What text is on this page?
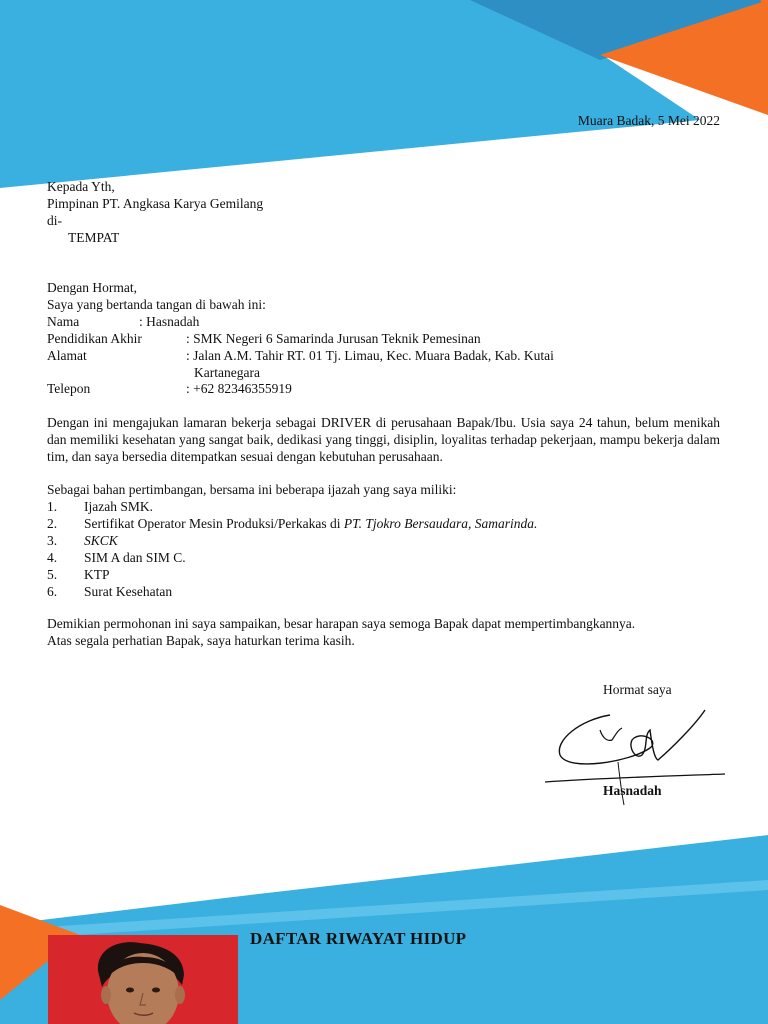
Muara Badak, 5 Mei 2022
Kepada Yth,
Pimpinan PT. Angkasa Karya Gemilang
di-
TEMPAT
Dengan Hormat,
Saya yang bertanda tangan di bawah ini:
Nama	: Hasnadah
Pendidikan Akhir	: SMK Negeri 6 Samarinda Jurusan Teknik Pemesinan
Alamat	: Jalan A.M. Tahir RT. 01 Tj. Limau, Kec. Muara Badak, Kab. Kutai
Kartanegara
Telepon	: +62 82346355919
Dengan ini mengajukan lamaran bekerja sebagai DRIVER di perusahaan Bapak/Ibu. Usia saya 24 tahun, belum menikah dan memiliki kesehatan yang sangat baik, dedikasi yang tinggi, disiplin, loyalitas terhadap pekerjaan, mampu bekerja dalam tim, dan saya bersedia ditempatkan sesuai dengan kebutuhan perusahaan.
Sebagai bahan pertimbangan, bersama ini beberapa ijazah yang saya miliki:
1. Ijazah SMK.
2. Sertifikat Operator Mesin Produksi/Perkakas di PT. Tjokro Bersaudara, Samarinda.
3. SKCK
4. SIM A dan SIM C.
5. KTP
6. Surat Kesehatan
Demikian permohonan ini saya sampaikan, besar harapan saya semoga Bapak dapat mempertimbangkannya.
Atas segala perhatian Bapak, saya haturkan terima kasih.
Hormat saya
Hasnadah
DAFTAR RIWAYAT HIDUP
